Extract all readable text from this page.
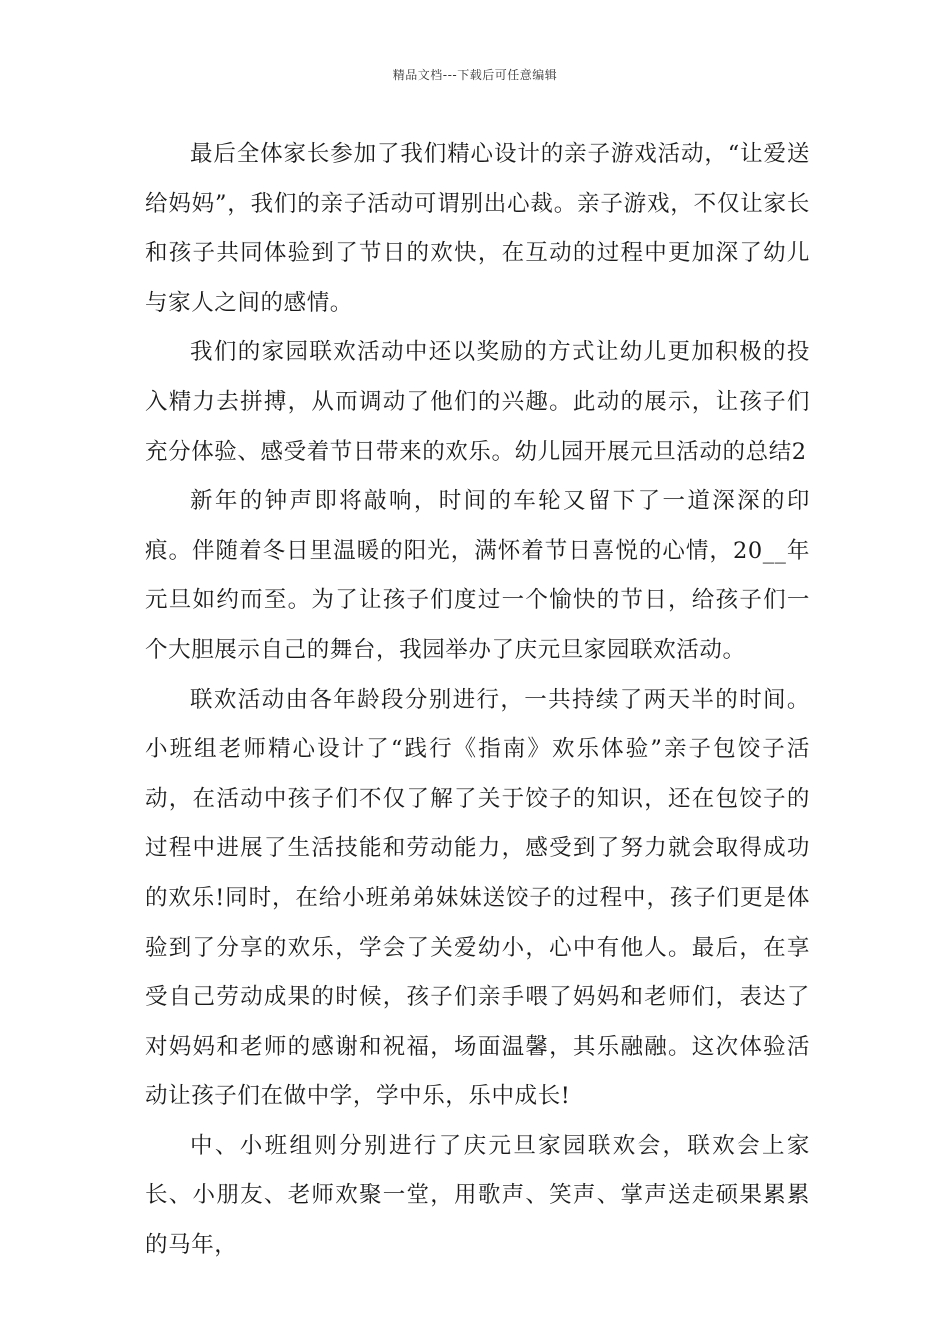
精品文档---下载后可任意编辑

最后全体家长参加了我们精心设计的亲子游戏活动，“让爱送给妈妈”，我们的亲子活动可谓别出心裁。亲子游戏，不仅让家长和孩子共同体验到了节日的欢快，在互动的过程中更加深了幼儿与家人之间的感情。

我们的家园联欢活动中还以奖励的方式让幼儿更加积极的投入精力去拼搏，从而调动了他们的兴趣。此动的展示，让孩子们充分体验、感受着节日带来的欢乐。幼儿园开展元旦活动的总结2

新年的钟声即将敲响，时间的车轮又留下了一道深深的印痕。伴随着冬日里温暖的阳光，满怀着节日喜悦的心情，20__年元旦如约而至。为了让孩子们度过一个愉快的节日，给孩子们一个大胆展示自己的舞台，我园举办了庆元旦家园联欢活动。

联欢活动由各年龄段分别进行，一共持续了两天半的时间。小班组老师精心设计了“践行《指南》欢乐体验”亲子包饺子活动，在活动中孩子们不仅了解了关于饺子的知识，还在包饺子的过程中进展了生活技能和劳动能力，感受到了努力就会取得成功的欢乐!同时，在给小班弟弟妹妹送饺子的过程中，孩子们更是体验到了分享的欢乐，学会了关爱幼小，心中有他人。最后，在享受自己劳动成果的时候，孩子们亲手喂了妈妈和老师们，表达了对妈妈和老师的感谢和祝福，场面温馨，其乐融融。这次体验活动让孩子们在做中学，学中乐，乐中成长!

中、小班组则分别进行了庆元旦家园联欢会，联欢会上家长、小朋友、老师欢聚一堂，用歌声、笑声、掌声送走硕果累累的马年，
